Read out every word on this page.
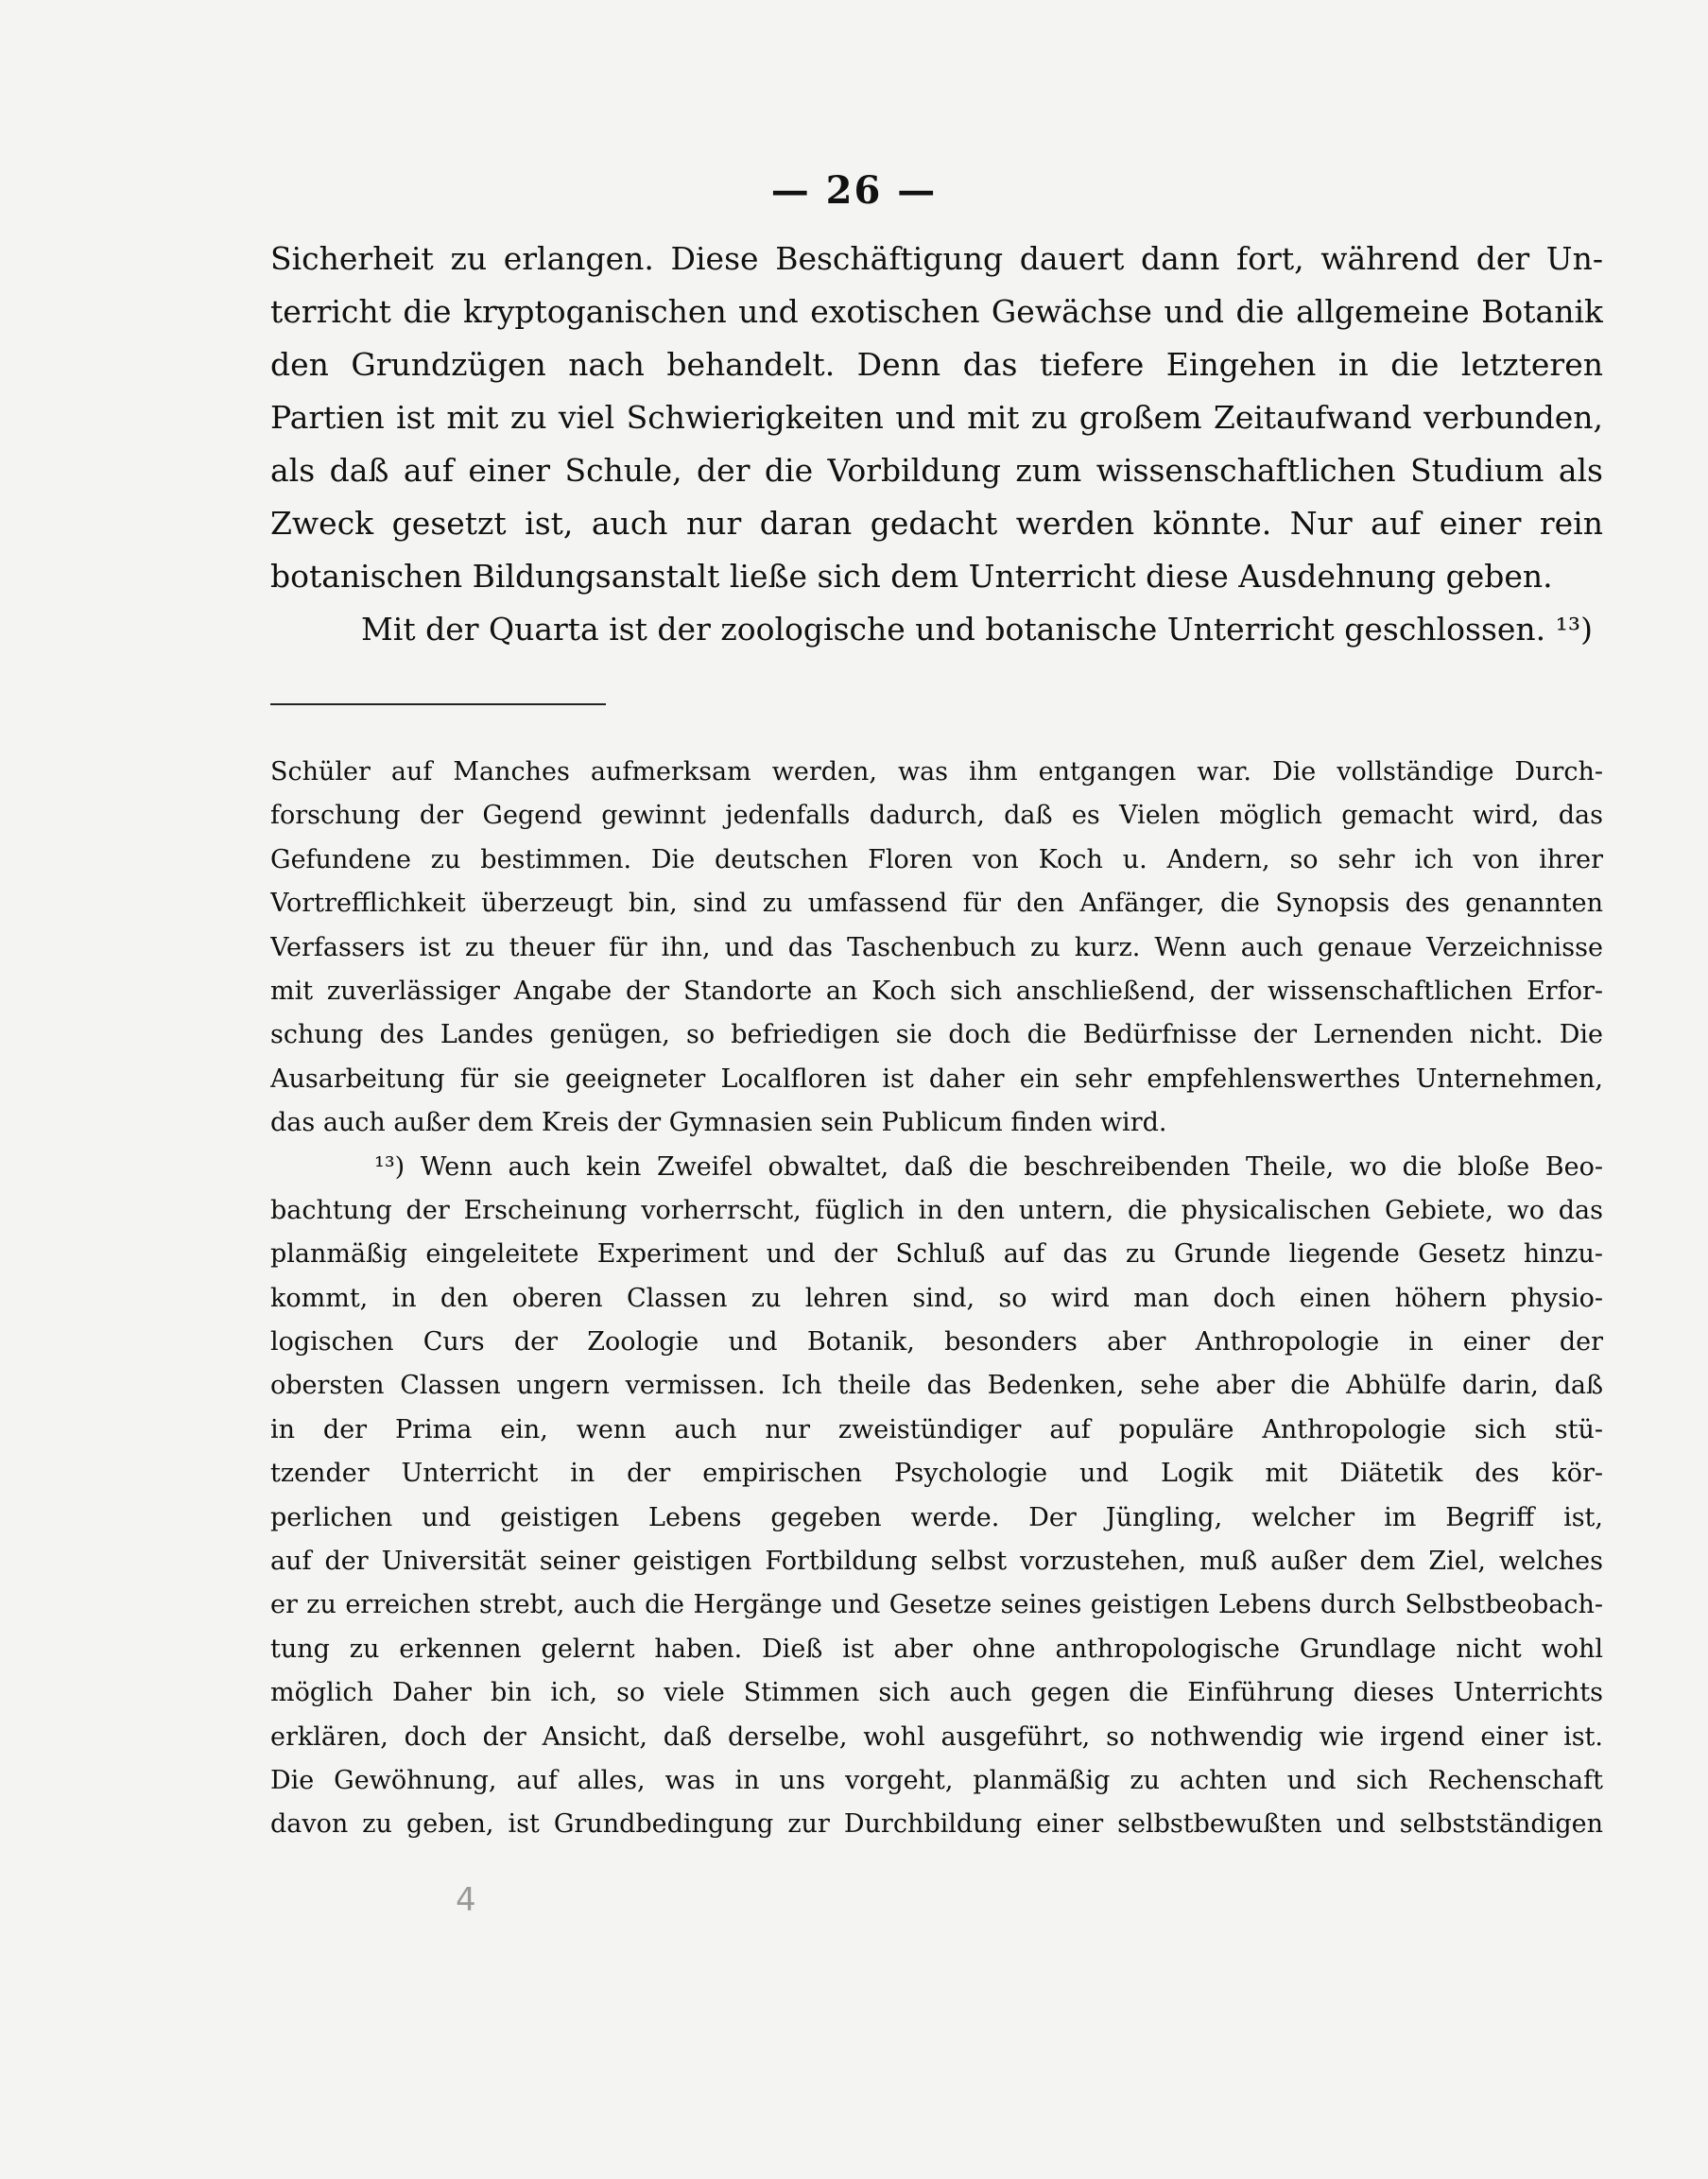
— 26 —
Sicherheit zu erlangen. Diese Beschäftigung dauert dann fort, während der Un-
terricht die kryptoganischen und exotischen Gewächse und die allgemeine Botanik
den Grundzügen nach behandelt. Denn das tiefere Eingehen in die letzteren
Partien ist mit zu viel Schwierigkeiten und mit zu großem Zeitaufwand verbunden,
als daß auf einer Schule, der die Vorbildung zum wissenschaftlichen Studium als
Zweck gesetzt ist, auch nur daran gedacht werden könnte. Nur auf einer rein
botanischen Bildungsanstalt ließe sich dem Unterricht diese Ausdehnung geben.
Mit der Quarta ist der zoologische und botanische Unterricht geschlossen. ¹³)
Schüler auf Manches aufmerksam werden, was ihm entgangen war. Die vollständige Durch-
forschung der Gegend gewinnt jedenfalls dadurch, daß es Vielen möglich gemacht wird, das
Gefundene zu bestimmen. Die deutschen Floren von Koch u. Andern, so sehr ich von ihrer
Vortrefflichkeit überzeugt bin, sind zu umfassend für den Anfänger, die Synopsis des genannten
Verfassers ist zu theuer für ihn, und das Taschenbuch zu kurz. Wenn auch genaue Verzeichnisse
mit zuverlässiger Angabe der Standorte an Koch sich anschließend, der wissenschaftlichen Erfor-
schung des Landes genügen, so befriedigen sie doch die Bedürfnisse der Lernenden nicht. Die
Ausarbeitung für sie geeigneter Localfloren ist daher ein sehr empfehlenswerthes Unternehmen,
das auch außer dem Kreis der Gymnasien sein Publicum finden wird.
¹³) Wenn auch kein Zweifel obwaltet, daß die beschreibenden Theile, wo die bloße Beo-
bachtung der Erscheinung vorherrscht, füglich in den untern, die physicalischen Gebiete, wo das
planmäßig eingeleitete Experiment und der Schluß auf das zu Grunde liegende Gesetz hinzu-
kommt, in den oberen Classen zu lehren sind, so wird man doch einen höhern physio-
logischen Curs der Zoologie und Botanik, besonders aber Anthropologie in einer der
obersten Classen ungern vermissen. Ich theile das Bedenken, sehe aber die Abhülfe darin, daß
in der Prima ein, wenn auch nur zweistündiger auf populäre Anthropologie sich stü-
tzender Unterricht in der empirischen Psychologie und Logik mit Diätetik des kör-
perlichen und geistigen Lebens gegeben werde. Der Jüngling, welcher im Begriff ist,
auf der Universität seiner geistigen Fortbildung selbst vorzustehen, muß außer dem Ziel, welches
er zu erreichen strebt, auch die Hergänge und Gesetze seines geistigen Lebens durch Selbstbeobach-
tung zu erkennen gelernt haben. Dieß ist aber ohne anthropologische Grundlage nicht wohl
möglich Daher bin ich, so viele Stimmen sich auch gegen die Einführung dieses Unterrichts
erklären, doch der Ansicht, daß derselbe, wohl ausgeführt, so nothwendig wie irgend einer ist.
Die Gewöhnung, auf alles, was in uns vorgeht, planmäßig zu achten und sich Rechenschaft
davon zu geben, ist Grundbedingung zur Durchbildung einer selbstbewußten und selbstständigen
4
